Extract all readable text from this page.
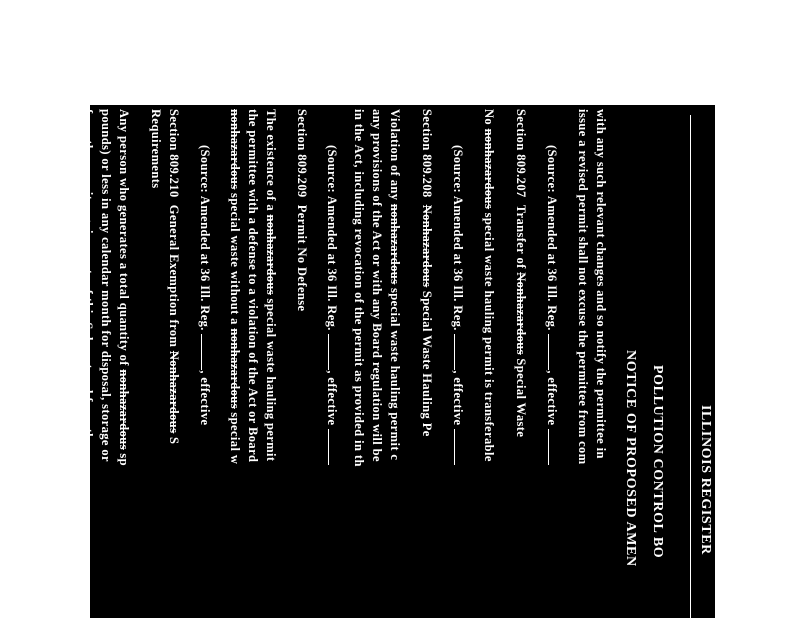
ILLINOIS REGISTER
POLLUTION CONTROL BO
NOTICE OF PROPOSED AMEN
with any such relevant changes and so notify the permittee in
issue a revised permit shall not excuse the permittee from com
(Source: Amended at 36 Ill. Reg. , effective
Section 809.207  Transfer of Nonhazardous Special Waste
No nonhazardous special waste hauling permit is transferable
(Source: Amended at 36 Ill. Reg. , effective
Section 809.208  Nonhazardous Special Waste Hauling Pe
Violation of any nonhazardous special waste hauling permit c
any provisions of the Act or with any Board regulation will be
in the Act, including revocation of the permit as provided in th
(Source: Amended at 36 Ill. Reg. , effective
Section 809.209  Permit No Defense
The existence of a nonhazardous special waste hauling permit
the permittee with a defense to a violation of the Act or Board
nonhazardous special waste without a nonhazardous special w
(Source: Amended at 36 Ill. Reg. , effective
Section 809.210  General Exemption from Nonhazardous S
Requirements
Any person who generates a total quantity of nonhazardous sp
pounds) or less in any calendar month for disposal, storage or
from the permit requirements of this Subpart and from the ma
this Part. This exemption shall not constitute a defense to a vi
or any applicable disposal, storage or treatment requirement o
(Source: Amended at 36 Ill. Reg. , effective
